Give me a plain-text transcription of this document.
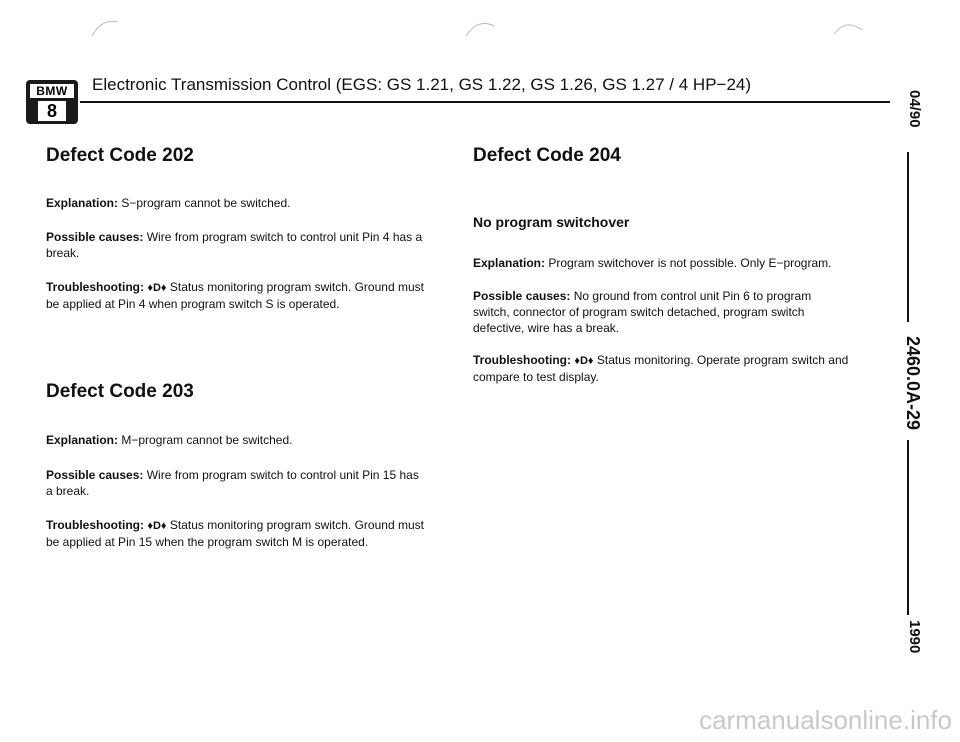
BMW
8
Electronic Transmission Control (EGS: GS 1.21, GS 1.22, GS 1.26, GS 1.27 / 4 HP−24)
Defect Code 202
Explanation: S−program cannot be switched.
Possible causes: Wire from program switch to control unit Pin 4 has a break.
Troubleshooting: ♦D♦ Status monitoring program switch. Ground must be applied at Pin 4 when program switch S is operated.
Defect Code 203
Explanation: M−program cannot be switched.
Possible causes: Wire from program switch to control unit Pin 15 has a break.
Troubleshooting: ♦D♦ Status monitoring program switch. Ground must be applied at Pin 15 when the program switch M is operated.
Defect Code 204
No program switchover
Explanation: Program switchover is not possible. Only E−program.
Possible causes: No ground from control unit Pin 6 to program switch, connector of program switch detached, program switch defective, wire has a break.
Troubleshooting: ♦D♦ Status monitoring. Operate program switch and compare to test display.
04/90
2460.0A-29
1990
carmanualsonline.info
